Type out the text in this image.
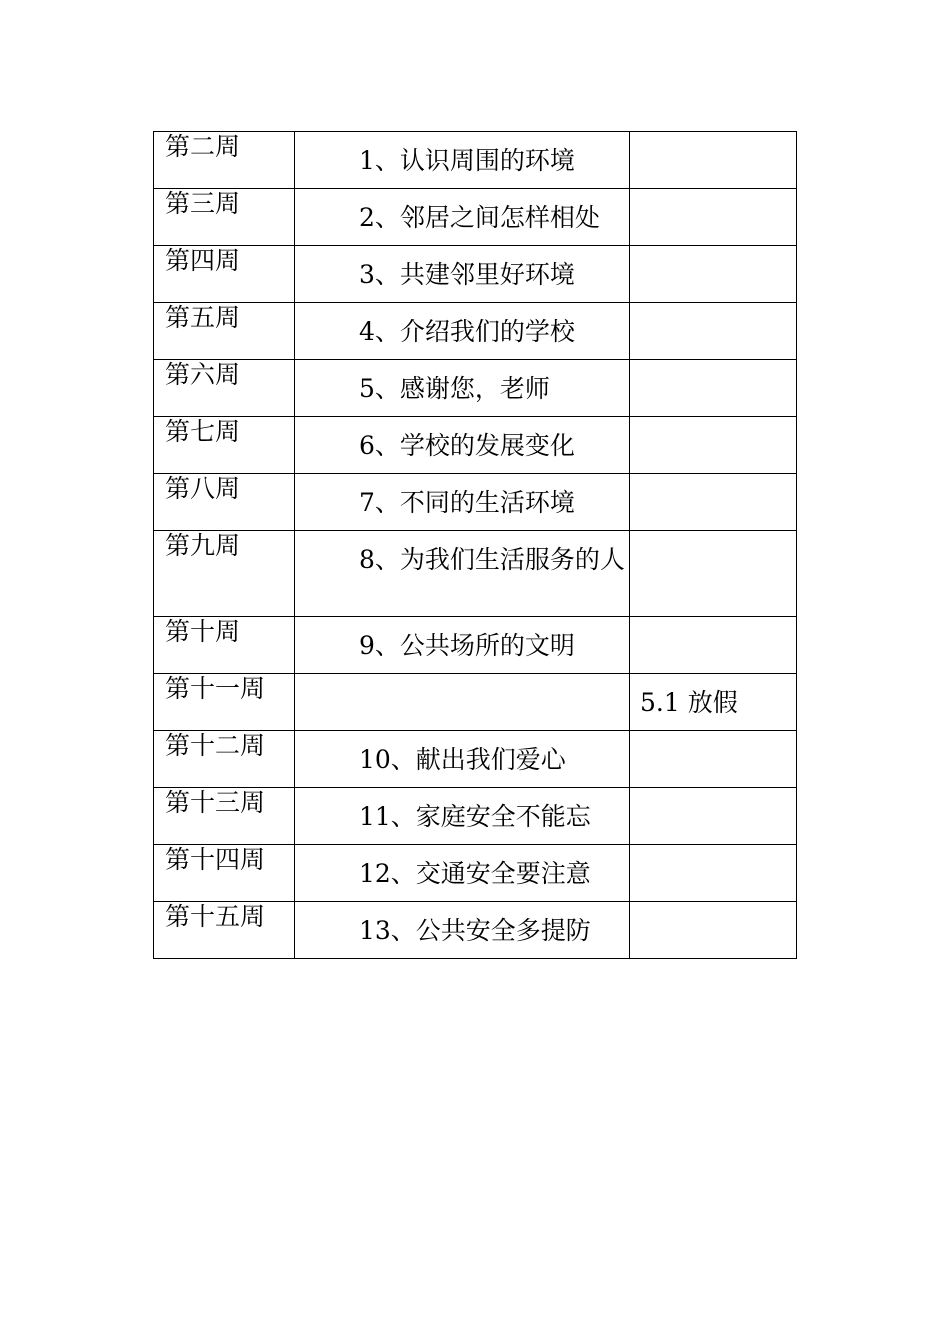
第二周	1、认识周围的环境	

第三周	2、邻居之间怎样相处	

第四周	3、共建邻里好环境	

第五周	4、介绍我们的学校	

第六周	5、感谢您，老师	

第七周	6、学校的发展变化	

第八周	7、不同的生活环境	

第九周	8、为我们生活服务的人	

第十周	9、公共场所的文明	

第十一周		5.1 放假

第十二周	10、献出我们爱心	

第十三周	11、家庭安全不能忘	

第十四周	12、交通安全要注意	

第十五周	13、公共安全多提防	
